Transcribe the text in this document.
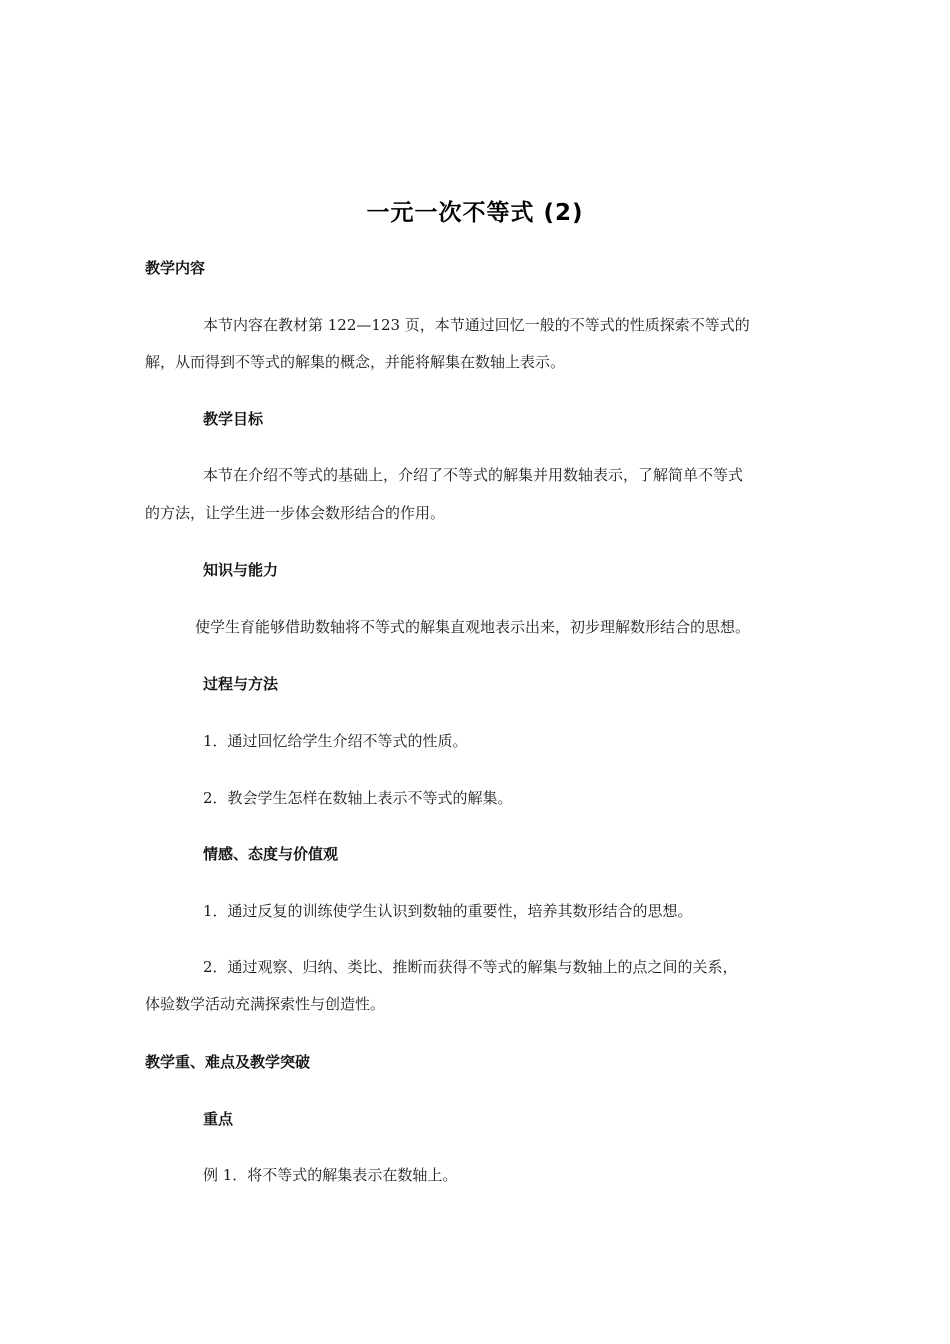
一元一次不等式 (2)
教学内容
本节内容在教材第 122—123 页，本节通过回忆一般的不等式的性质探索不等式的
解，从而得到不等式的解集的概念，并能将解集在数轴上表示。
教学目标
本节在介绍不等式的基础上，介绍了不等式的解集并用数轴表示，了解简单不等式
的方法，让学生进一步体会数形结合的作用。
知识与能力
使学生育能够借助数轴将不等式的解集直观地表示出来，初步理解数形结合的思想。
过程与方法
1．通过回忆给学生介绍不等式的性质。
2．教会学生怎样在数轴上表示不等式的解集。
情感、态度与价值观
1．通过反复的训练使学生认识到数轴的重要性，培养其数形结合的思想。
2．通过观察、归纳、类比、推断而获得不等式的解集与数轴上的点之间的关系，
体验数学活动充满探索性与创造性。
教学重、难点及教学突破
重点
例 1．将不等式的解集表示在数轴上。
